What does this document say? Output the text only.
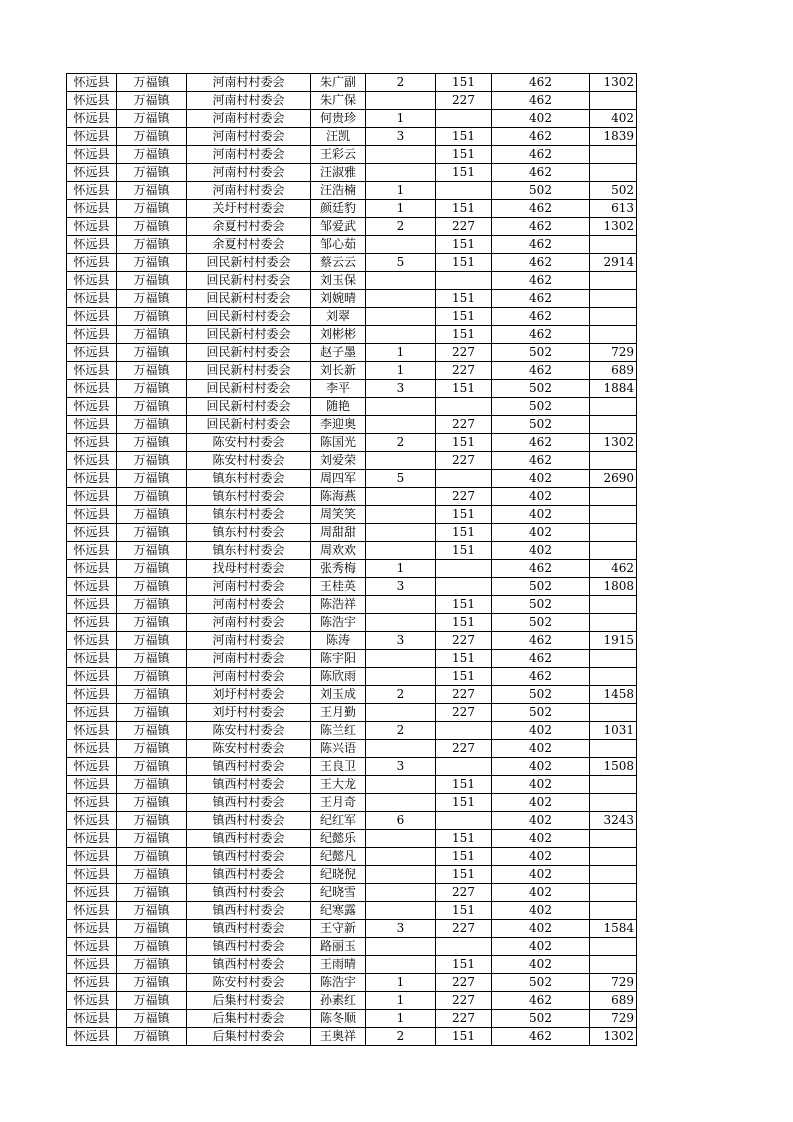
怀远县	万福镇	河南村村委会	朱广副	2	151	462	1302
怀远县	万福镇	河南村村委会	朱广保		227	462	
怀远县	万福镇	河南村村委会	何贵珍	1		402	402
怀远县	万福镇	河南村村委会	汪凯	3	151	462	1839
怀远县	万福镇	河南村村委会	王彩云		151	462	
怀远县	万福镇	河南村村委会	汪淑雅		151	462	
怀远县	万福镇	河南村村委会	汪浩楠	1		502	502
怀远县	万福镇	关圩村村委会	颜廷豹	1	151	462	613
怀远县	万福镇	余夏村村委会	邹爱武	2	227	462	1302
怀远县	万福镇	余夏村村委会	邹心茹		151	462	
怀远县	万福镇	回民新村村委会	蔡云云	5	151	462	2914
怀远县	万福镇	回民新村村委会	刘玉保			462	
怀远县	万福镇	回民新村村委会	刘婉晴		151	462	
怀远县	万福镇	回民新村村委会	刘翠		151	462	
怀远县	万福镇	回民新村村委会	刘彬彬		151	462	
怀远县	万福镇	回民新村村委会	赵子墨	1	227	502	729
怀远县	万福镇	回民新村村委会	刘长新	1	227	462	689
怀远县	万福镇	回民新村村委会	李平	3	151	502	1884
怀远县	万福镇	回民新村村委会	随艳			502	
怀远县	万福镇	回民新村村委会	李迎奥		227	502	
怀远县	万福镇	陈安村村委会	陈国光	2	151	462	1302
怀远县	万福镇	陈安村村委会	刘爱荣		227	462	
怀远县	万福镇	镇东村村委会	周四军	5		402	2690
怀远县	万福镇	镇东村村委会	陈海燕		227	402	
怀远县	万福镇	镇东村村委会	周笑笑		151	402	
怀远县	万福镇	镇东村村委会	周甜甜		151	402	
怀远县	万福镇	镇东村村委会	周欢欢		151	402	
怀远县	万福镇	找母村村委会	张秀梅	1		462	462
怀远县	万福镇	河南村村委会	王桂英	3		502	1808
怀远县	万福镇	河南村村委会	陈浩祥		151	502	
怀远县	万福镇	河南村村委会	陈浩宇		151	502	
怀远县	万福镇	河南村村委会	陈涛	3	227	462	1915
怀远县	万福镇	河南村村委会	陈宇阳		151	462	
怀远县	万福镇	河南村村委会	陈欣雨		151	462	
怀远县	万福镇	刘圩村村委会	刘玉成	2	227	502	1458
怀远县	万福镇	刘圩村村委会	王月勤		227	502	
怀远县	万福镇	陈安村村委会	陈兰红	2		402	1031
怀远县	万福镇	陈安村村委会	陈兴语		227	402	
怀远县	万福镇	镇西村村委会	王良卫	3		402	1508
怀远县	万福镇	镇西村村委会	王大龙		151	402	
怀远县	万福镇	镇西村村委会	王月奇		151	402	
怀远县	万福镇	镇西村村委会	纪红军	6		402	3243
怀远县	万福镇	镇西村村委会	纪懿乐		151	402	
怀远县	万福镇	镇西村村委会	纪懿凡		151	402	
怀远县	万福镇	镇西村村委会	纪晓倪		151	402	
怀远县	万福镇	镇西村村委会	纪晓雪		227	402	
怀远县	万福镇	镇西村村委会	纪寒露		151	402	
怀远县	万福镇	镇西村村委会	王守新	3	227	402	1584
怀远县	万福镇	镇西村村委会	路丽玉			402	
怀远县	万福镇	镇西村村委会	王雨晴		151	402	
怀远县	万福镇	陈安村村委会	陈浩宇	1	227	502	729
怀远县	万福镇	后集村村委会	孙素红	1	227	462	689
怀远县	万福镇	后集村村委会	陈冬顺	1	227	502	729
怀远县	万福镇	后集村村委会	王奥祥	2	151	462	1302
